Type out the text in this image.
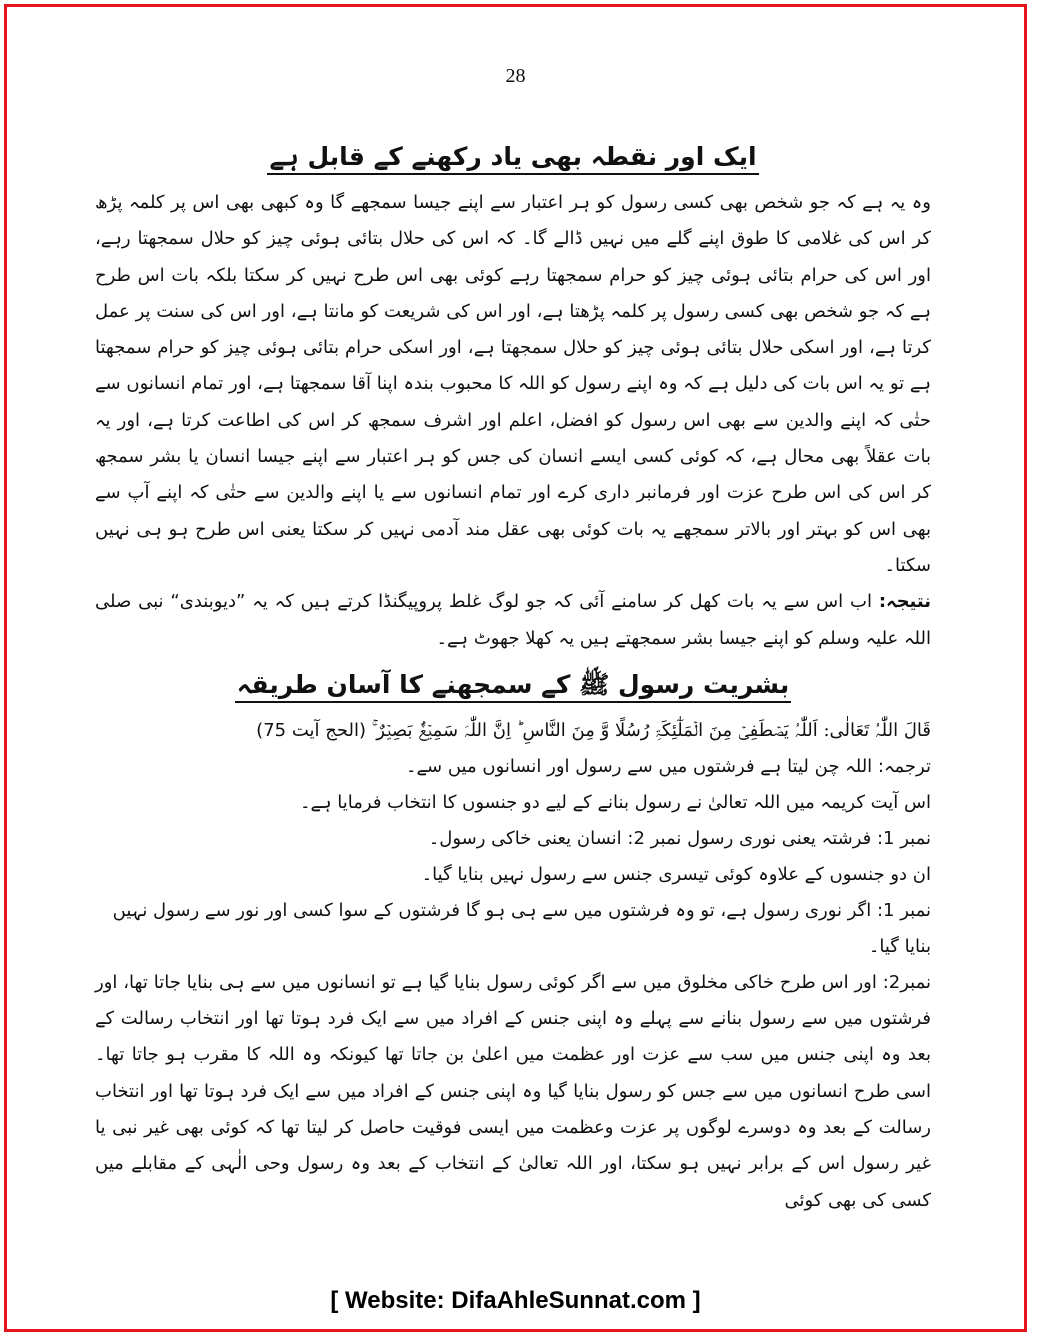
28
ایک اور نقطہ بھی یاد رکھنے کے قابل ہے

وہ یہ ہے کہ جو شخص بھی کسی رسول کو ہر اعتبار سے اپنے جیسا سمجھے گا وہ کبھی بھی اس پر کلمہ پڑھ کر اس کی غلامی کا طوق اپنے گلے میں نہیں ڈالے گا۔ کہ اس کی حلال بتائی ہوئی چیز کو حلال سمجھتا رہے، اور اس کی حرام بتائی ہوئی چیز کو حرام سمجھتا رہے کوئی بھی اس طرح نہیں کر سکتا بلکہ بات اس طرح ہے کہ جو شخص بھی کسی رسول پر کلمہ پڑھتا ہے، اور اس کی شریعت کو مانتا ہے، اور اس کی سنت پر عمل کرتا ہے، اور اسکی حلال بتائی ہوئی چیز کو حلال سمجھتا ہے، اور اسکی حرام بتائی ہوئی چیز کو حرام سمجھتا ہے تو یہ اس بات کی دلیل ہے کہ وہ اپنے رسول کو اللہ کا محبوب بندہ اپنا آقا سمجھتا ہے، اور تمام انسانوں سے حتٰی کہ اپنے والدین سے بھی اس رسول کو افضل، اعلم اور اشرف سمجھ کر اس کی اطاعت کرتا ہے، اور یہ بات عقلاً بھی محال ہے، کہ کوئی کسی ایسے انسان کی جس کو ہر اعتبار سے اپنے جیسا انسان یا بشر سمجھ کر اس کی اس طرح عزت اور فرمانبر داری کرے اور تمام انسانوں سے یا اپنے والدین سے حتٰی کہ اپنے آپ سے بھی اس کو بہتر اور بالاتر سمجھے یہ بات کوئی بھی عقل مند آدمی نہیں کر سکتا یعنی اس طرح ہو ہی نہیں سکتا۔

نتیجہ: اب اس سے یہ بات کھل کر سامنے آئی کہ جو لوگ غلط پروپیگنڈا کرتے ہیں کہ یہ ”دیوبندی“ نبی صلی اللہ علیہ وسلم کو اپنے جیسا بشر سمجھتے ہیں یہ کھلا جھوٹ ہے۔

بشریت رسول ﷺ کے سمجھنے کا آسان طریقہ

قَالَ اللّٰہُ تَعَالٰی: اَللّٰہُ یَصۡطَفِیۡ مِنَ الۡمَلٰٓئِکَۃِ رُسُلًا وَّ مِنَ النَّاسِ ؕ اِنَّ اللّٰہَ سَمِیۡعٌۢ بَصِیۡرٌ ۚ (الحج آیت 75)

ترجمہ: اللہ چن لیتا ہے فرشتوں میں سے رسول اور انسانوں میں سے۔

اس آیت کریمہ میں اللہ تعالیٰ نے رسول بنانے کے لیے دو جنسوں کا انتخاب فرمایا ہے۔

نمبر 1: فرشتہ یعنی نوری رسول نمبر 2: انسان یعنی خاکی رسول۔

ان دو جنسوں کے علاوہ کوئی تیسری جنس سے رسول نہیں بنایا گیا۔

نمبر 1: اگر نوری رسول ہے، تو وہ فرشتوں میں سے ہی ہو گا فرشتوں کے سوا کسی اور نور سے رسول نہیں بنایا گیا۔

نمبر2: اور اس طرح خاکی مخلوق میں سے اگر کوئی رسول بنایا گیا ہے تو انسانوں میں سے ہی بنایا جاتا تھا، اور فرشتوں میں سے رسول بنانے سے پہلے وہ اپنی جنس کے افراد میں سے ایک فرد ہوتا تھا اور انتخاب رسالت کے بعد وہ اپنی جنس میں سب سے عزت اور عظمت میں اعلیٰ بن جاتا تھا کیونکہ وہ اللہ کا مقرب ہو جاتا تھا۔ اسی طرح انسانوں میں سے جس کو رسول بنایا گیا وہ اپنی جنس کے افراد میں سے ایک فرد ہوتا تھا اور انتخاب رسالت کے بعد وہ دوسرے لوگوں پر عزت وعظمت میں ایسی فوقیت حاصل کر لیتا تھا کہ کوئی بھی غیر نبی یا غیر رسول اس کے برابر نہیں ہو سکتا، اور اللہ تعالیٰ کے انتخاب کے بعد وہ رسول وحی الٰہی کے مقابلے میں کسی کی بھی کوئی

[ Website: DifaAhleSunnat.com ]
